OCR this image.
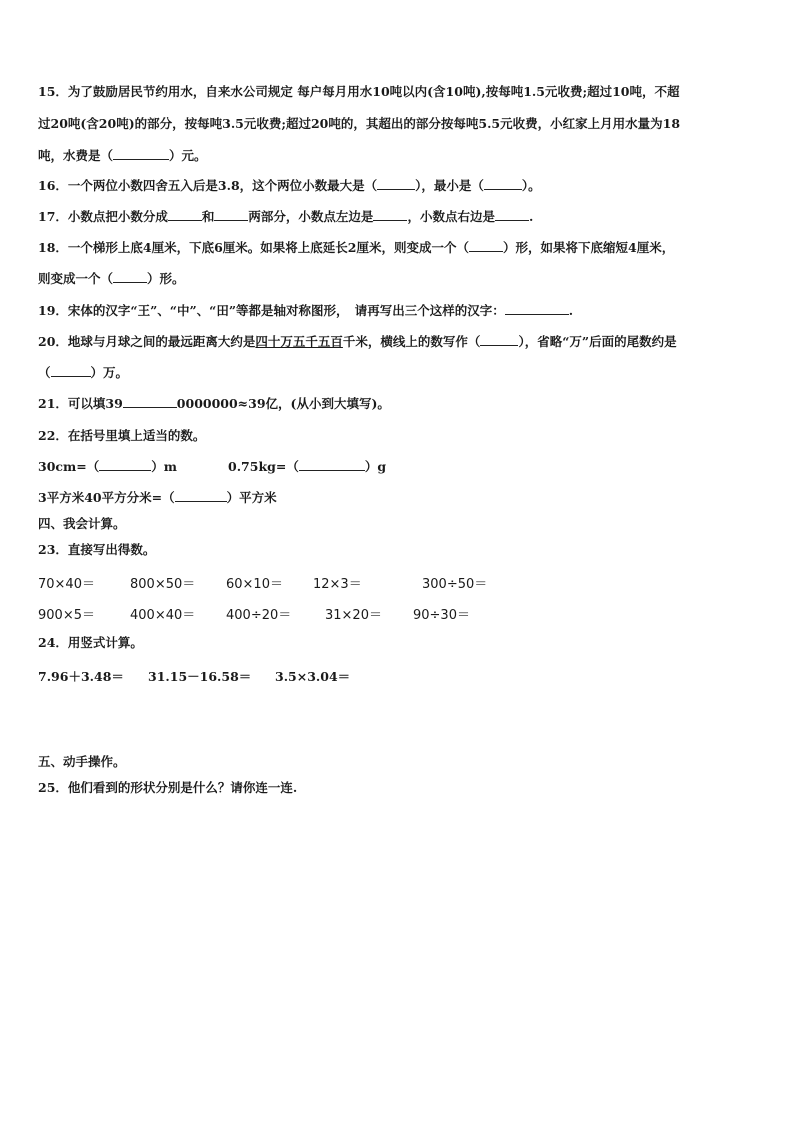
15．为了鼓励居民节约用水，自来水公司规定 每户每月用水10吨以内(含10吨),按每吨1.5元收费;超过10吨，不超
过20吨(含20吨)的部分，按每吨3.5元收费;超过20吨的，其超出的部分按每吨5.5元收费，小红家上月用水量为18
吨，水费是（	）元。
16．一个两位小数四舍五入后是3.8，这个两位小数最大是（	），最小是（	）。
17．小数点把小数分成	和	两部分，小数点左边是	，小数点右边是	.
18．一个梯形上底4厘米，下底6厘米。如果将上底延长2厘米，则变成一个（	）形，如果将下底缩短4厘米，
则变成一个（	）形。
19．宋体的汉字“王”、“中”、“田”等都是轴对称图形，　请再写出三个这样的汉字：	.
20．地球与月球之间的最远距离大约是四十万五千五百千米，横线上的数写作（	），省略“万”后面的尾数约是
（	）万。
21．可以填39	0000000≈39亿，(从小到大填写)。
22．在括号里填上适当的数。
30cm=（	）m	0.75kg=（	）g
3平方米40平方分米=（	）平方米
四、我会计算。
23．直接写出得数。
70×40＝	800×50＝ 60×10＝ 12×3＝	300÷50＝
900×5＝	400×40＝ 400÷20＝	31×20＝ 90÷30＝
24．用竖式计算。
7.96＋3.48＝ 31.15－16.58＝ 3.5×3.04＝
五、动手操作。
25．他们看到的形状分别是什么？请你连一连.
